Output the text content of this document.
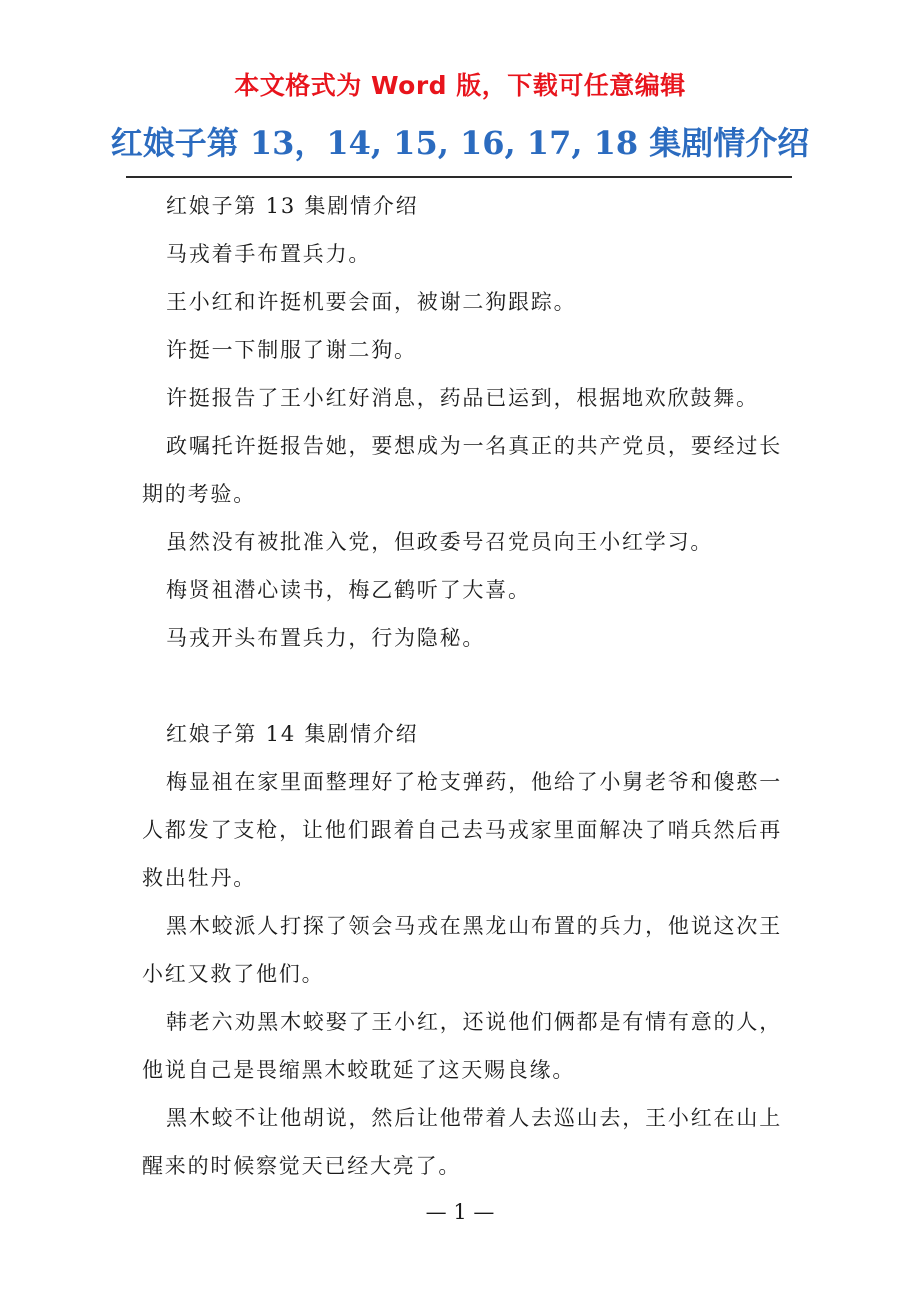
本文格式为 Word 版，下载可任意编辑
红娘子第 13，14, 15, 16, 17, 18 集剧情介绍

红娘子第 13 集剧情介绍

马戎着手布置兵力。

王小红和许挺机要会面，被谢二狗跟踪。

许挺一下制服了谢二狗。

许挺报告了王小红好消息，药品已运到，根据地欢欣鼓舞。

政嘱托许挺报告她，要想成为一名真正的共产党员，要经过长期的考验。

虽然没有被批准入党，但政委号召党员向王小红学习。

梅贤祖潜心读书，梅乙鹤听了大喜。

马戎开头布置兵力，行为隐秘。

红娘子第 14 集剧情介绍

梅显祖在家里面整理好了枪支弹药，他给了小舅老爷和傻憨一人都发了支枪，让他们跟着自己去马戎家里面解决了哨兵然后再救出牡丹。

黑木蛟派人打探了领会马戎在黑龙山布置的兵力，他说这次王小红又救了他们。

韩老六劝黑木蛟娶了王小红，还说他们俩都是有情有意的人，他说自己是畏缩黑木蛟耽延了这天赐良缘。

黑木蛟不让他胡说，然后让他带着人去巡山去，王小红在山上醒来的时候察觉天已经大亮了。

— 1 —
